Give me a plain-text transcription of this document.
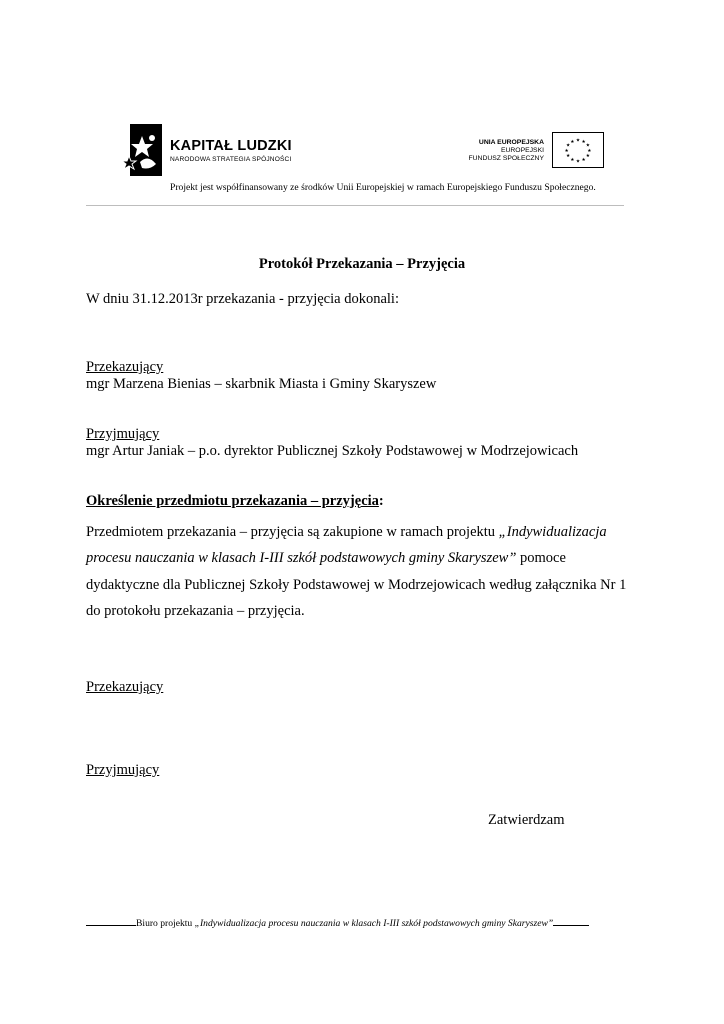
KAPITAŁ LUDZKI
NARODOWA STRATEGIA SPÓJNOŚCI
UNIA EUROPEJSKA
EUROPEJSKI
FUNDUSZ SPOŁECZNY
★ ★
★
★
★
★
★
★
★
★
★
★
Projekt jest współfinansowany ze środków Unii Europejskiej w ramach Europejskiego Funduszu Społecznego.
Protokół Przekazania – Przyjęcia
W dniu 31.12.2013r przekazania - przyjęcia dokonali:
Przekazujący
mgr Marzena Bienias – skarbnik Miasta i Gminy Skaryszew
Przyjmujący
mgr Artur Janiak – p.o. dyrektor Publicznej Szkoły Podstawowej w Modrzejowicach
Określenie przedmiotu przekazania – przyjęcia:
Przedmiotem przekazania – przyjęcia są zakupione w ramach projektu „Indywidualizacja
procesu nauczania w klasach I-III szkół podstawowych gminy Skaryszew” pomoce
dydaktyczne dla Publicznej Szkoły Podstawowej w Modrzejowicach według załącznika Nr 1
do protokołu przekazania – przyjęcia.
Przekazujący
Przyjmujący
Zatwierdzam
Biuro projektu „Indywidualizacja procesu nauczania w klasach I-III szkół podstawowych gminy Skaryszew”
